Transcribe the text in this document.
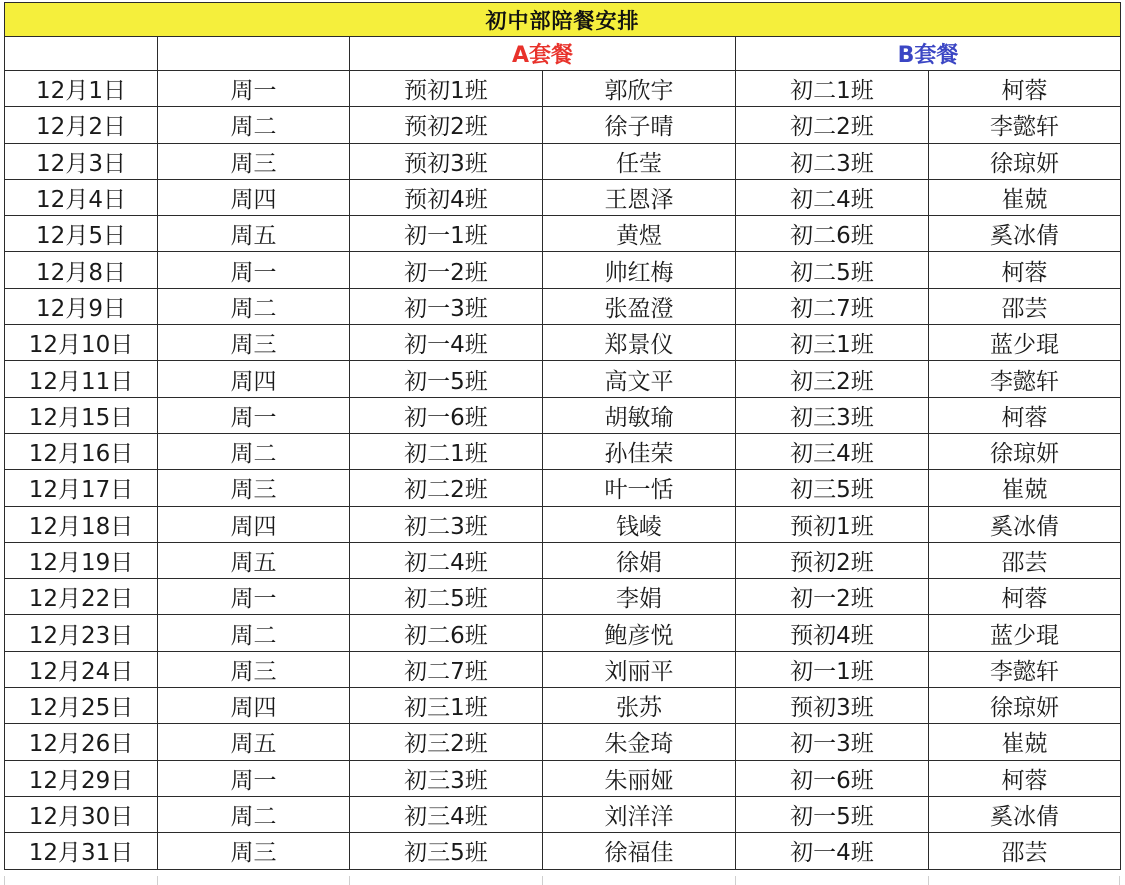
初中部陪餐安排					
		A套餐		B套餐	
12月1日	周一	预初1班	郭欣宇	初二1班	柯蓉
12月2日	周二	预初2班	徐子晴	初二2班	李懿轩
12月3日	周三	预初3班	任莹	初二3班	徐琼妍
12月4日	周四	预初4班	王恩泽	初二4班	崔兢
12月5日	周五	初一1班	黄煜	初二6班	奚冰倩
12月8日	周一	初一2班	帅红梅	初二5班	柯蓉
12月9日	周二	初一3班	张盈澄	初二7班	邵芸
12月10日	周三	初一4班	郑景仪	初三1班	蓝少琨
12月11日	周四	初一5班	高文平	初三2班	李懿轩
12月15日	周一	初一6班	胡敏瑜	初三3班	柯蓉
12月16日	周二	初二1班	孙佳荣	初三4班	徐琼妍
12月17日	周三	初二2班	叶一恬	初三5班	崔兢
12月18日	周四	初二3班	钱崚	预初1班	奚冰倩
12月19日	周五	初二4班	徐娟	预初2班	邵芸
12月22日	周一	初二5班	李娟	初一2班	柯蓉
12月23日	周二	初二6班	鲍彦悦	预初4班	蓝少琨
12月24日	周三	初二7班	刘丽平	初一1班	李懿轩
12月25日	周四	初三1班	张苏	预初3班	徐琼妍
12月26日	周五	初三2班	朱金琦	初一3班	崔兢
12月29日	周一	初三3班	朱丽娅	初一6班	柯蓉
12月30日	周二	初三4班	刘洋洋	初一5班	奚冰倩
12月31日	周三	初三5班	徐福佳	初一4班	邵芸
